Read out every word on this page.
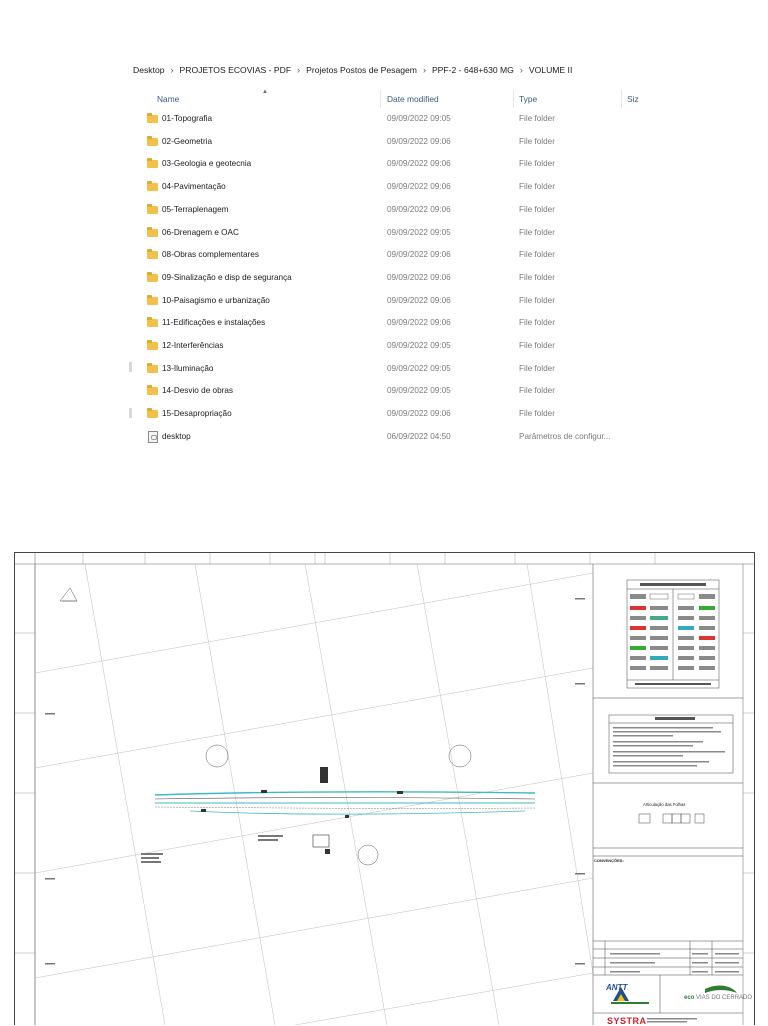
Desktop › PROJETOS ECOVIAS - PDF › Projetos Postos de Pesagem › PPF-2 - 648+630 MG › VOLUME II
▲
Name	Date modified	Type	Siz
01-Topografia	09/09/2022 09:05	File folder
02-Geometria	09/09/2022 09:06	File folder
03-Geologia e geotecnia	09/09/2022 09:06	File folder
04-Pavimentação	09/09/2022 09:06	File folder
05-Terraplenagem	09/09/2022 09:06	File folder
06-Drenagem e OAC	09/09/2022 09:05	File folder
08-Obras complementares	09/09/2022 09:06	File folder
09-Sinalização e disp de segurança	09/09/2022 09:06	File folder
10-Paisagismo e urbanização	09/09/2022 09:06	File folder
11-Edificações e instalações	09/09/2022 09:06	File folder
12-Interferências	09/09/2022 09:05	File folder
13-Iluminação	09/09/2022 09:05	File folder
14-Desvio de obras	09/09/2022 09:05	File folder
15-Desapropriação	09/09/2022 09:06	File folder
desktop	06/09/2022 04:50	Parâmetros de configur...
CONVENÇÕES:
Articulação das Folhas
ANTT
eco VIAS DO CERRADO
SYSTRA
